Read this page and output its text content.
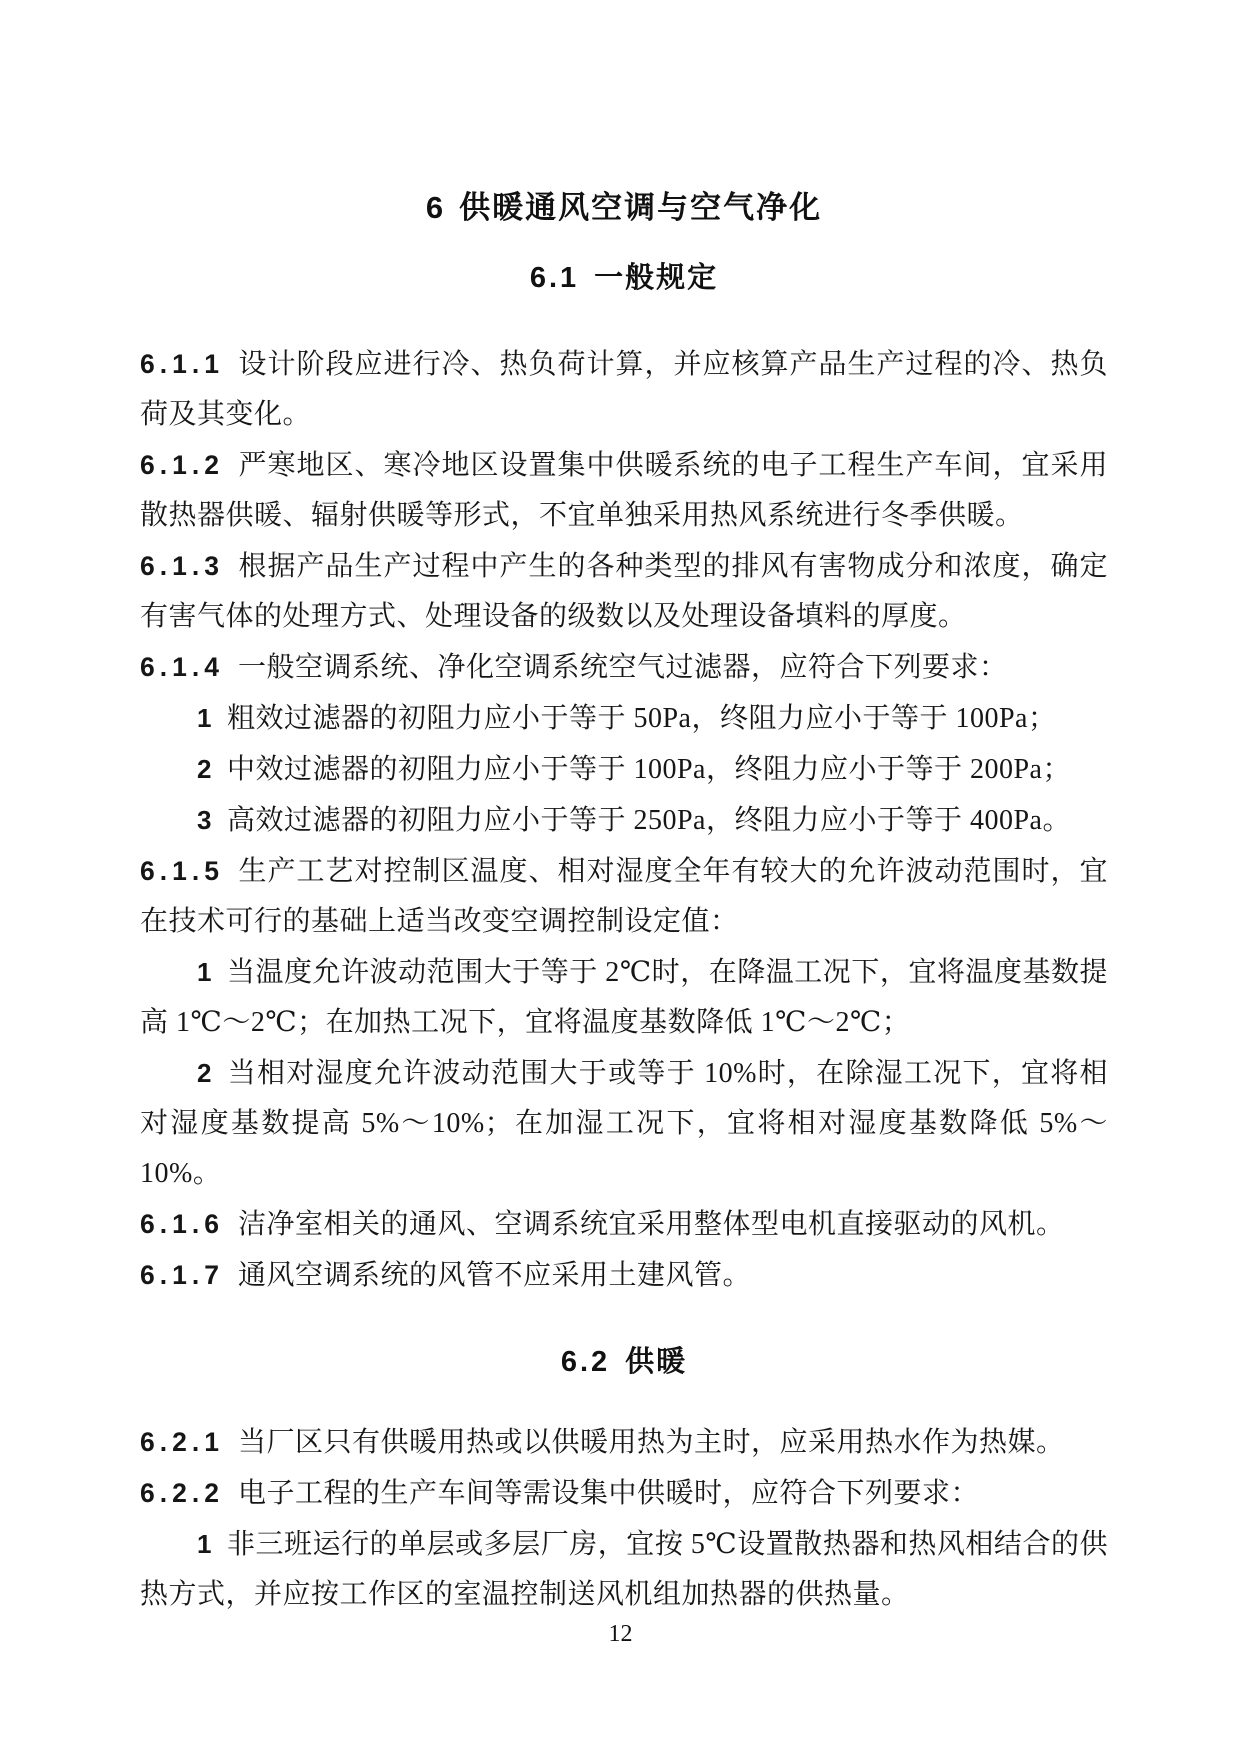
6 供暖通风空调与空气净化
6.1 一般规定

6.1.1 设计阶段应进行冷、热负荷计算，并应核算产品生产过程的冷、热负荷及其变化。

6.1.2 严寒地区、寒冷地区设置集中供暖系统的电子工程生产车间，宜采用散热器供暖、辐射供暖等形式，不宜单独采用热风系统进行冬季供暖。

6.1.3 根据产品生产过程中产生的各种类型的排风有害物成分和浓度，确定有害气体的处理方式、处理设备的级数以及处理设备填料的厚度。

6.1.4 一般空调系统、净化空调系统空气过滤器，应符合下列要求：

1 粗效过滤器的初阻力应小于等于 50Pa，终阻力应小于等于 100Pa；

2 中效过滤器的初阻力应小于等于 100Pa，终阻力应小于等于 200Pa；

3 高效过滤器的初阻力应小于等于 250Pa，终阻力应小于等于 400Pa。

6.1.5 生产工艺对控制区温度、相对湿度全年有较大的允许波动范围时，宜在技术可行的基础上适当改变空调控制设定值：

1 当温度允许波动范围大于等于 2℃时，在降温工况下，宜将温度基数提高 1℃～2℃；在加热工况下，宜将温度基数降低 1℃～2℃；

2 当相对湿度允许波动范围大于或等于 10%时，在除湿工况下，宜将相对湿度基数提高 5%～10%；在加湿工况下，宜将相对湿度基数降低 5%～10%。

6.1.6 洁净室相关的通风、空调系统宜采用整体型电机直接驱动的风机。

6.1.7 通风空调系统的风管不应采用土建风管。

6.2 供暖

6.2.1 当厂区只有供暖用热或以供暖用热为主时，应采用热水作为热媒。

6.2.2 电子工程的生产车间等需设集中供暖时，应符合下列要求：

1 非三班运行的单层或多层厂房，宜按 5℃设置散热器和热风相结合的供热方式，并应按工作区的室温控制送风机组加热器的供热量。

12
